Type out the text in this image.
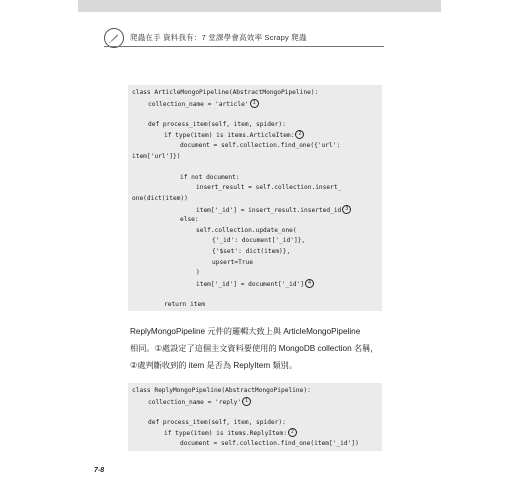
爬蟲在手 資料我有：7 堂課學會高效率 Scrapy 爬蟲
class ArticleMongoPipeline(AbstractMongoPipeline):
collection_name = 'article' 1
def process_item(self, item, spider):
if type(item) is items.ArticleItem: 2
document = self.collection.find_one({'url':
item['url']})
if not document:
insert_result = self.collection.insert_
one(dict(item))
item['_id'] = insert_result.inserted_id 3
else:
self.collection.update_one(
{'_id': document['_id']},
{'$set': dict(item)},
upsert=True
)
item['_id'] = document['_id'] 4
return item
ReplyMongoPipeline 元件的邏輯大致上與 ArticleMongoPipeline
相同。①處設定了這個主文資料要使用的 MongoDB collection 名稱，
②處判斷收到的 item 是否為 ReplyItem 類別。
class ReplyMongoPipeline(AbstractMongoPipeline):
collection_name = 'reply' 1
def process_item(self, item, spider):
if type(item) is items.ReplyItem: 2
document = self.collection.find_one(item['_id'])
7-8
